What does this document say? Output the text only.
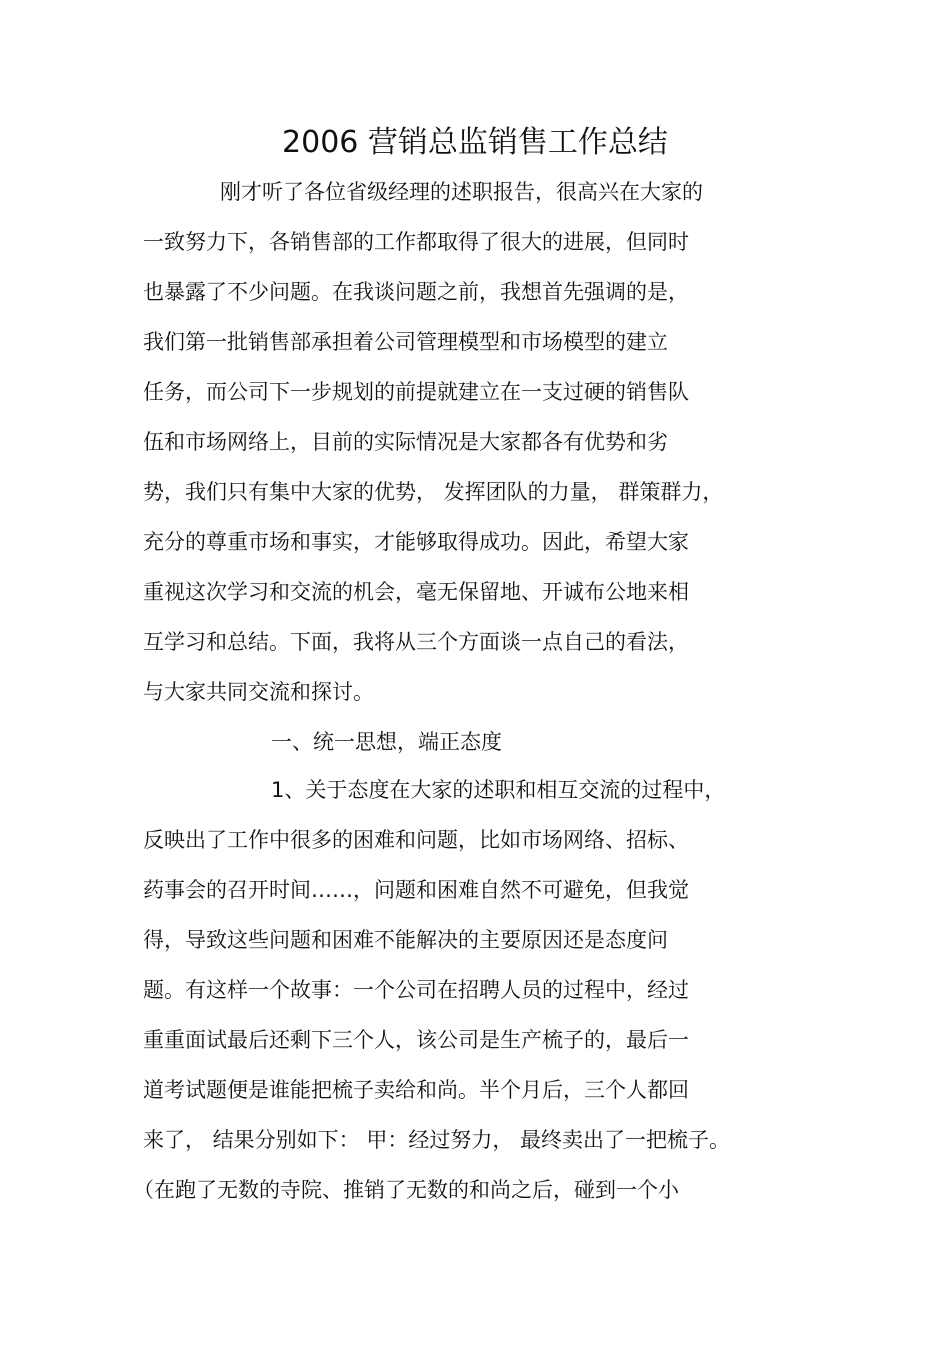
2006 营销总监销售工作总结
刚才听了各位省级经理的述职报告，很高兴在大家的
一致努力下，各销售部的工作都取得了很大的进展，但同时
也暴露了不少问题。在我谈问题之前，我想首先强调的是，
我们第一批销售部承担着公司管理模型和市场模型的建立
任务，而公司下一步规划的前提就建立在一支过硬的销售队
伍和市场网络上，目前的实际情况是大家都各有优势和劣
势，我们只有集中大家的优势， 发挥团队的力量， 群策群力，
充分的尊重市场和事实，才能够取得成功。因此，希望大家
重视这次学习和交流的机会，毫无保留地、开诚布公地来相
互学习和总结。下面，我将从三个方面谈一点自己的看法，
与大家共同交流和探讨。
一、统一思想，端正态度
1、关于态度在大家的述职和相互交流的过程中，
反映出了工作中很多的困难和问题，比如市场网络、招标、
药事会的召开时间……，问题和困难自然不可避免，但我觉
得，导致这些问题和困难不能解决的主要原因还是态度问
题。有这样一个故事：一个公司在招聘人员的过程中，经过
重重面试最后还剩下三个人，该公司是生产梳子的，最后一
道考试题便是谁能把梳子卖给和尚。半个月后，三个人都回
来了， 结果分别如下： 甲：经过努力， 最终卖出了一把梳子。
（在跑了无数的寺院、推销了无数的和尚之后，碰到一个小
